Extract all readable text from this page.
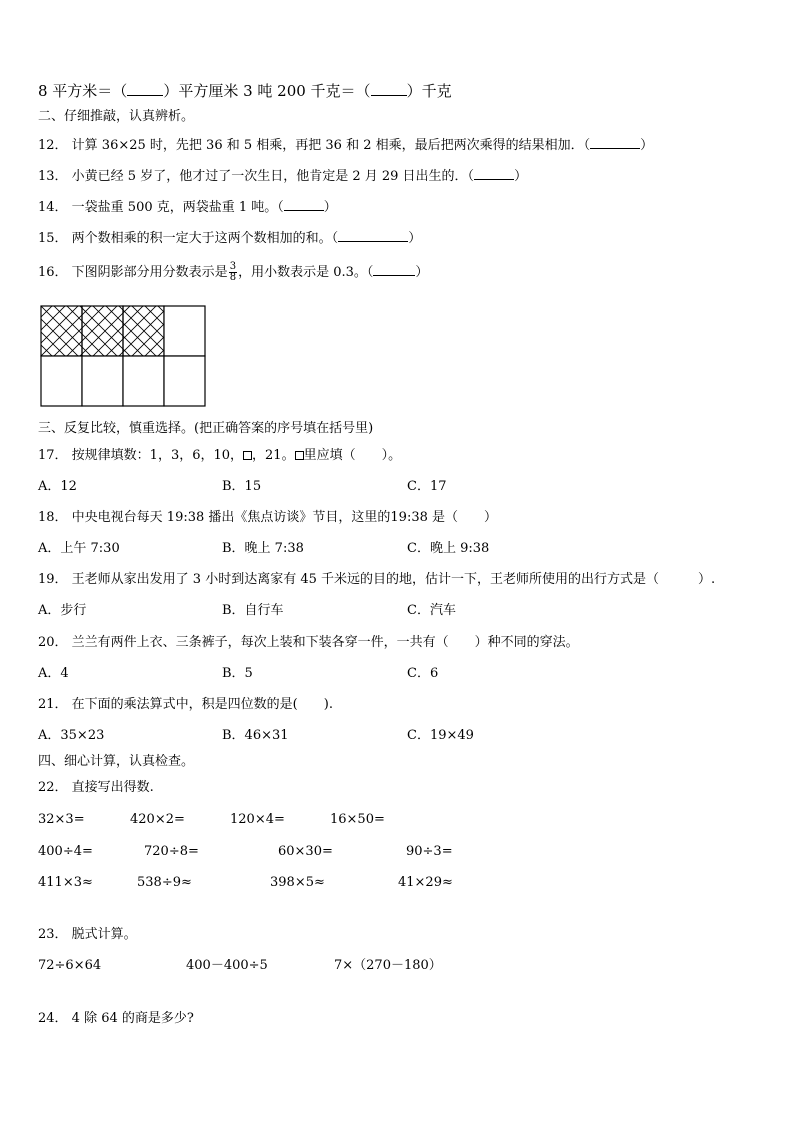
8 平方米＝（ ）平方厘米 3 吨 200 千克＝（ ）千克
二、仔细推敲，认真辨析。
12． 计算 36×25 时，先把 36 和 5 相乘，再把 36 和 2 相乘，最后把两次乘得的结果相加．（	）
13． 小黄已经 5 岁了，他才过了一次生日，他肯定是 2 月 29 日出生的．（	）
14． 一袋盐重 500 克，两袋盐重 1 吨。（	）
15． 两个数相乘的积一定大于这两个数相加的和。（	）
16． 下图阴影部分用分数表示是 $\frac{3}{8}$ ，用小数表示是 0.3。（	）
三、反复比较，慎重选择。(把正确答案的序号填在括号里)
17． 按规律填数：1，3，6，10， ，21。 里应填（　　）。
A．12	B．15	C．17
18． 中央电视台每天 19:38 播出《焦点访谈》节目，这里的19:38 是（　　）
A．上午 7:30	B．晚上 7:38	C．晚上 9:38
19． 王老师从家出发用了 3 小时到达离家有 45 千米远的目的地，估计一下，王老师所使用的出行方式是（　　　）.
A．步行	B．自行车	C．汽车
20． 兰兰有两件上衣、三条裤子，每次上装和下装各穿一件，一共有（　　）种不同的穿法。
A．4	B．5	C．6
21． 在下面的乘法算式中，积是四位数的是(　　).
A．35×23	B．46×31	C．19×49
四、细心计算，认真检查。
22． 直接写出得数.
32×3=	420×2=	120×4=	16×50=
400÷4=	720÷8=	60×30=	90÷3=
411×3≈	538÷9≈	398×5≈	41×29≈
23． 脱式计算。
72÷6×64	400－400÷5	7×（270－180）
24． 4 除 64 的商是多少?
